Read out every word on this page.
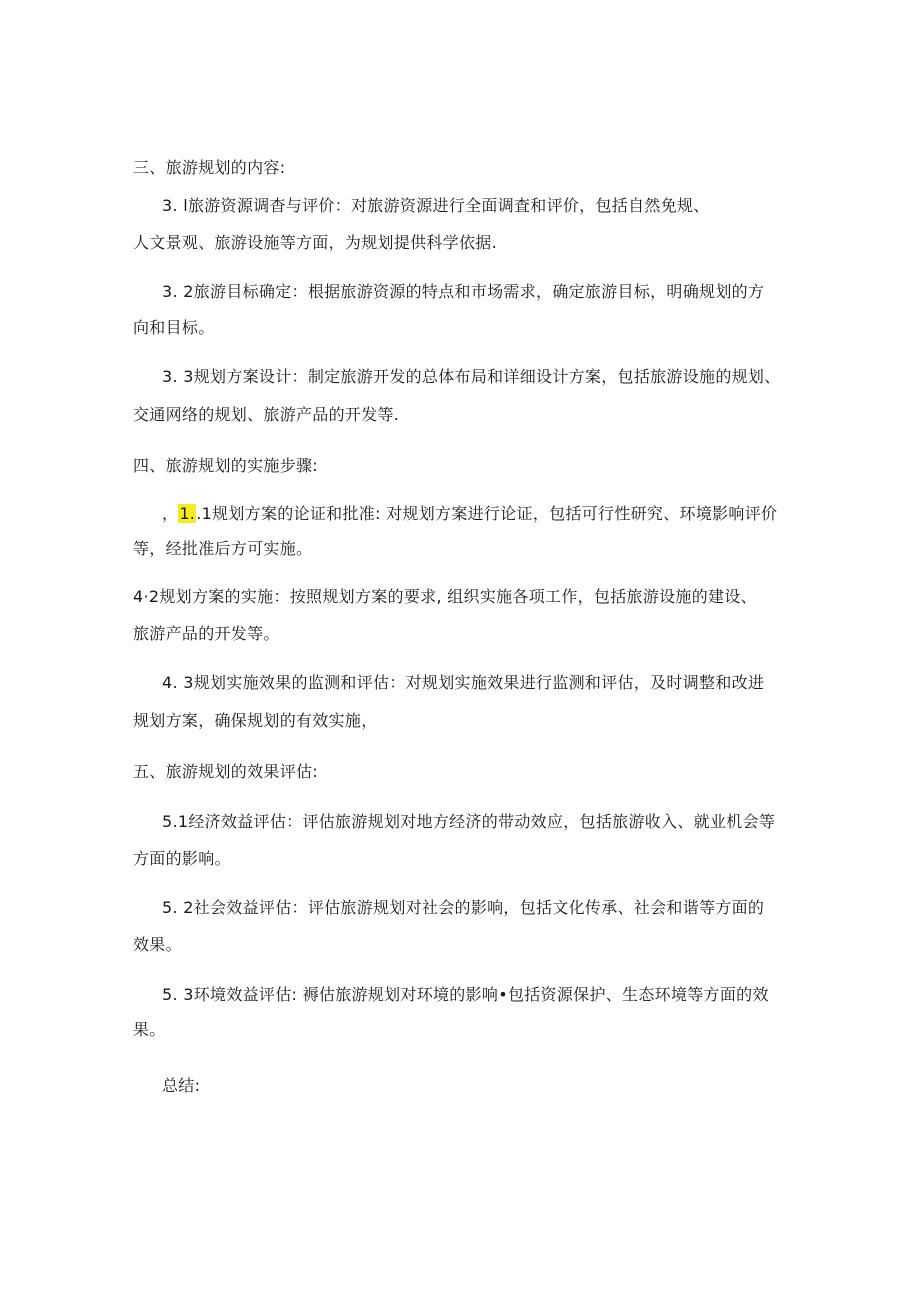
三、旅游规划的内容:
3. l旅游资源调杳与评价：对旅游资源进行全面调査和评价，包括自然免规、
人文景观、旅游设施等方面，为规划提供科学依据.
3. 2旅游目标确定：根据旅游资源的特点和市场需求，确定旅游目标，明确规划的方
向和目标。
3. 3规划方案设计：制定旅游开发的总体布局和详细设计方案，包括旅游设施的规划、
交通网络的规划、旅游产品的开发等.
四、旅游规划的实施步骤:
，1..1规划方案的论证和批准: 对规划方案进行论证，包括可行性研究、环境影响评价
等，经批准后方可实施。
4·2规划方案的实施：按照规划方案的要求, 组织实施各项工作，包括旅游设施的建设、
旅游产品的开发等。
4. 3规划实施效果的监测和评估：对规划实施效果进行监测和评估，及时调整和改进
规划方案，确保规划的有效实施，
五、旅游规划的效果评估:
5.1经济效益评估：评估旅游规划对地方经济的带动效应，包括旅游收入、就业机会等
方面的影响。
5. 2社会效益评估：评估旅游规划对社会的影响，包括文化传承、社会和谐等方面的
效果。
5. 3环境效益评估: 褥估旅游规划对环境的影响•包括资源保护、生态环境等方面的效
果。
总结:
